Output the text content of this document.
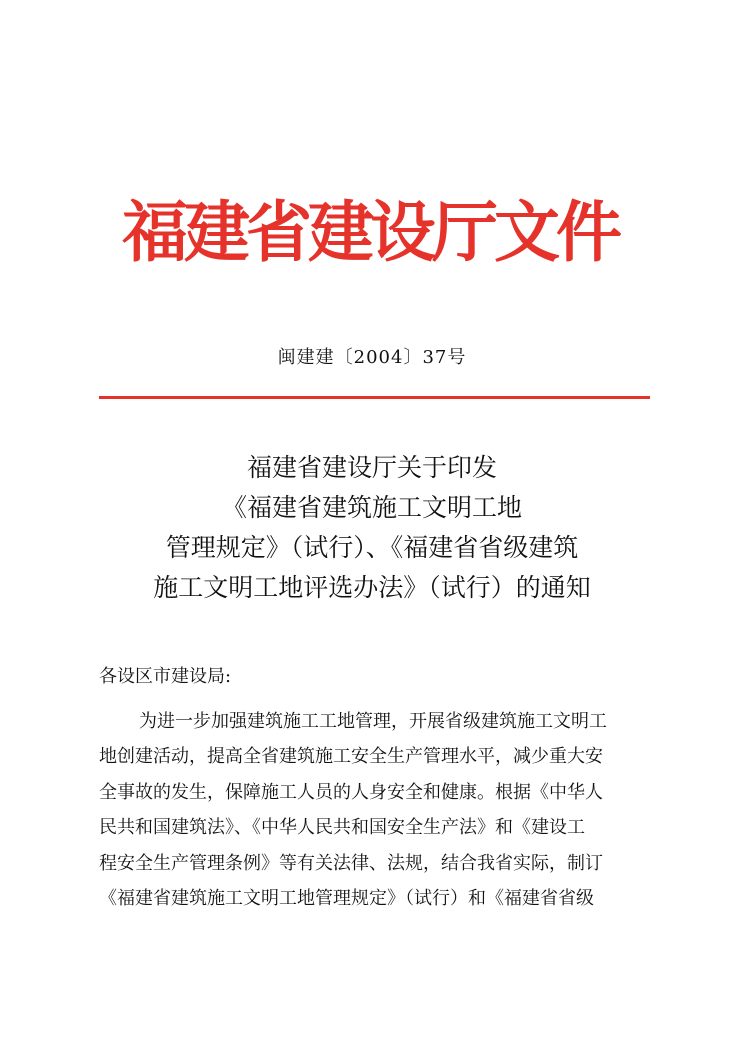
福建省建设厅文件
闽建建〔2004〕37号
福建省建设厅关于印发
《福建省建筑施工文明工地
管理规定》（试行）、《福建省省级建筑
施工文明工地评选办法》（试行）的通知
各设区市建设局:
为进一步加强建筑施工工地管理，开展省级建筑施工文明工
地创建活动，提高全省建筑施工安全生产管理水平，减少重大安
全事故的发生，保障施工人员的人身安全和健康。根据《中华人
民共和国建筑法》、《中华人民共和国安全生产法》和《建设工
程安全生产管理条例》等有关法律、法规，结合我省实际，制订
《福建省建筑施工文明工地管理规定》（试行）和《福建省省级
